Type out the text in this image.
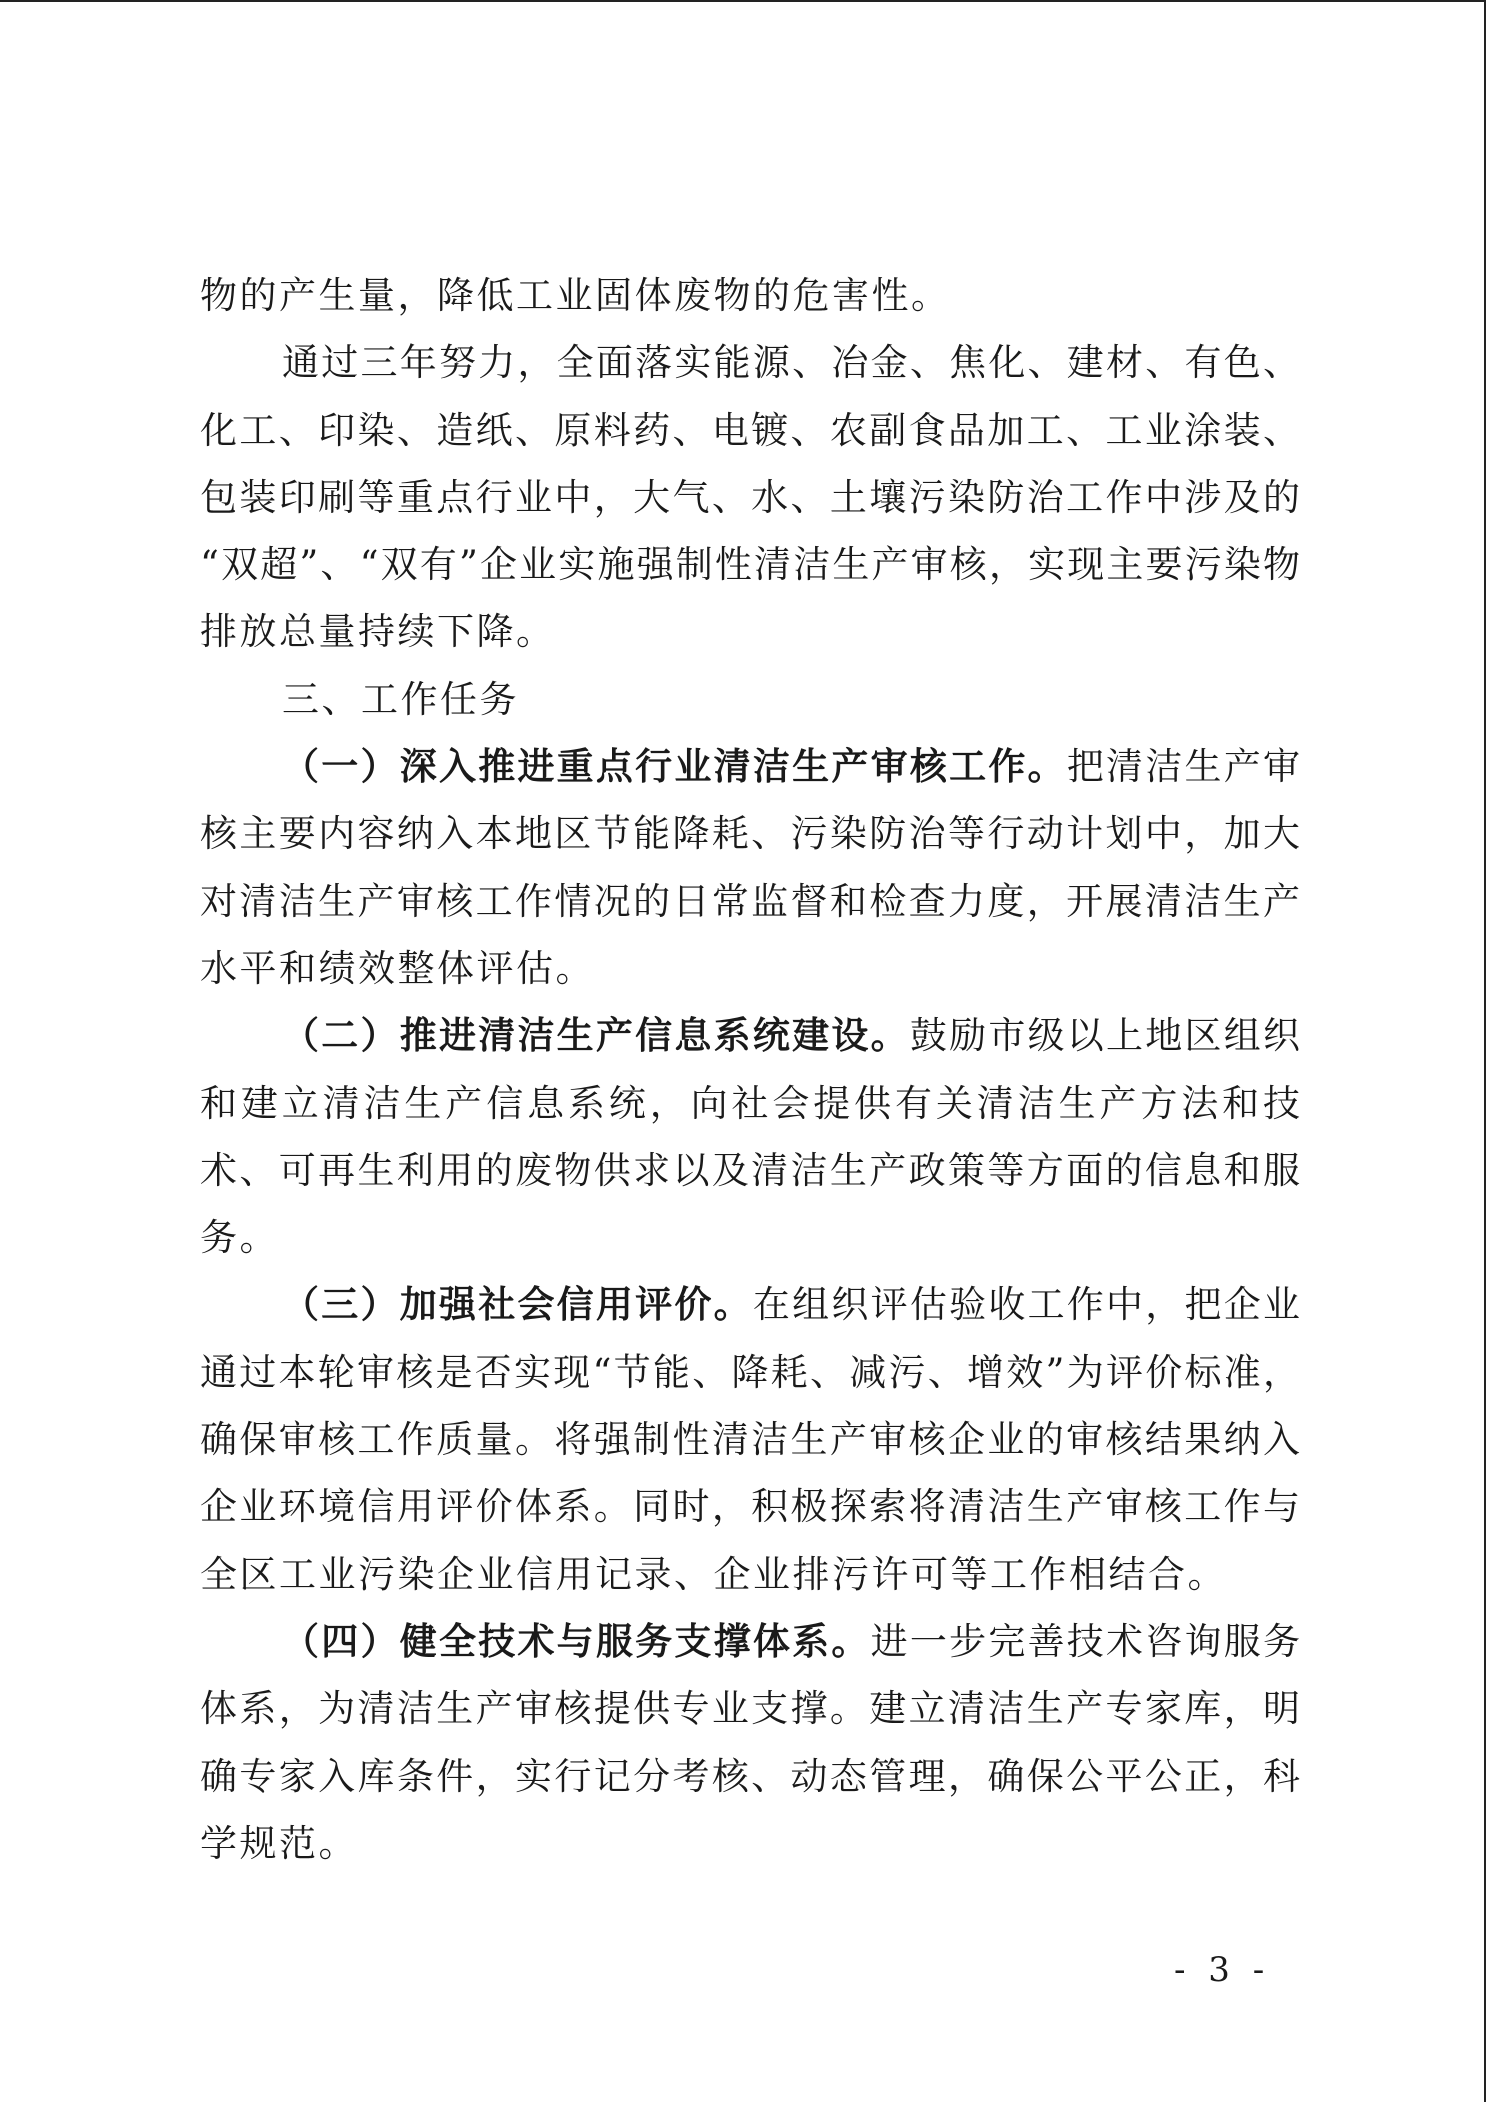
物的产生量，降低工业固体废物的危害性。
通过三年努力，全面落实能源、冶金、焦化、建材、有色、
化工、印染、造纸、原料药、电镀、农副食品加工、工业涂装、
包装印刷等重点行业中，大气、水、土壤污染防治工作中涉及的
“双超”、“双有”企业实施强制性清洁生产审核，实现主要污染物
排放总量持续下降。
三、工作任务
（一）深入推进重点行业清洁生产审核工作。把清洁生产审
核主要内容纳入本地区节能降耗、污染防治等行动计划中，加大
对清洁生产审核工作情况的日常监督和检查力度，开展清洁生产
水平和绩效整体评估。
（二）推进清洁生产信息系统建设。鼓励市级以上地区组织
和建立清洁生产信息系统，向社会提供有关清洁生产方法和技
术、可再生利用的废物供求以及清洁生产政策等方面的信息和服
务。
（三）加强社会信用评价。在组织评估验收工作中，把企业
通过本轮审核是否实现“节能、降耗、减污、增效”为评价标准，
确保审核工作质量。将强制性清洁生产审核企业的审核结果纳入
企业环境信用评价体系。同时，积极探索将清洁生产审核工作与
全区工业污染企业信用记录、企业排污许可等工作相结合。
（四）健全技术与服务支撑体系。进一步完善技术咨询服务
体系，为清洁生产审核提供专业支撑。建立清洁生产专家库，明
确专家入库条件，实行记分考核、动态管理，确保公平公正，科
学规范。
- 3 -
